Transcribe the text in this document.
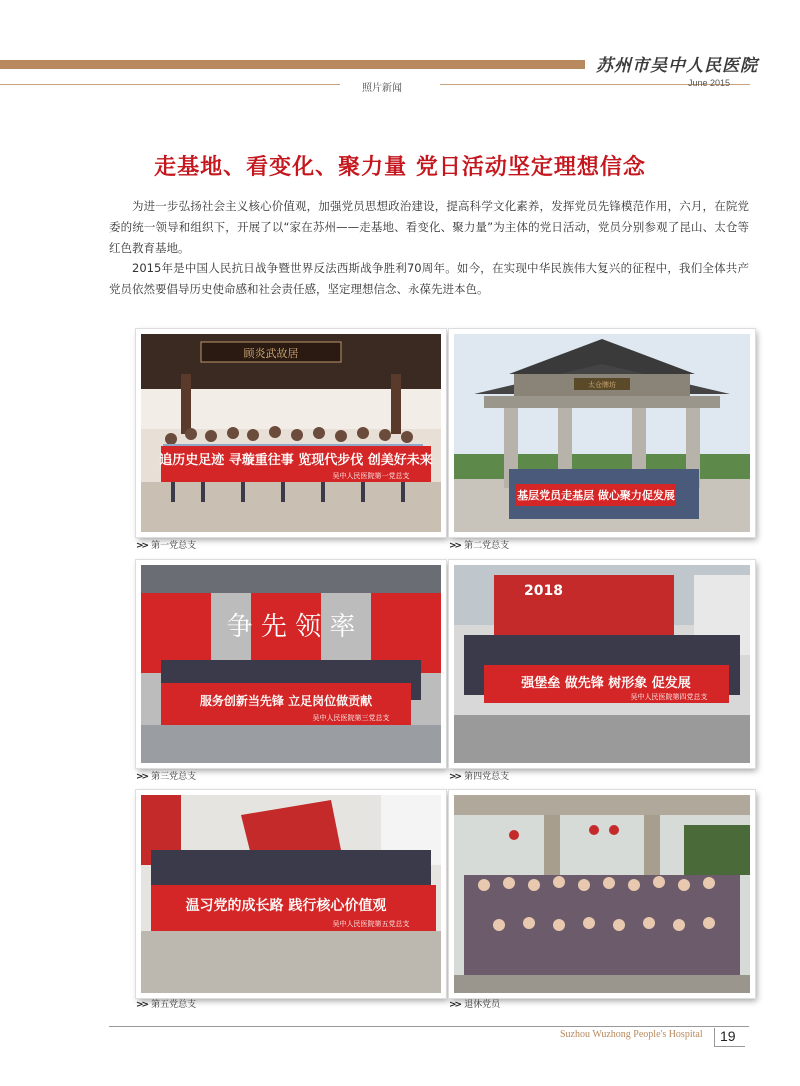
苏州市吴中人民医院
照片新闻	June 2015
走基地、看变化、聚力量 党日活动坚定理想信念
为进一步弘扬社会主义核心价值观，加强党员思想政治建设，提高科学文化素养，发挥党员先锋模范作用，六月，在院党委的统一领导和组织下，开展了以“家在苏州——走基地、看变化、聚力量”为主体的党日活动，党员分别参观了昆山、太仓等红色教育基地。
2015年是中国人民抗日战争暨世界反法西斯战争胜利70周年。如今，在实现中华民族伟大复兴的征程中，我们全体共产党员依然要倡导历史使命感和社会责任感，坚定理想信念、永葆先进本色。
顾炎武故居
追历史足迹 寻璇重往事 览现代步伐 创美好未来
吴中人民医院第一党总支
>> 第一党总支
太仓牌坊
基层党员走基层 做心聚力促发展
>> 第二党总支
争 先 领 率
服务创新当先锋 立足岗位做贡献
吴中人民医院第三党总支
>> 第三党总支
2018
强堡垒 做先锋 树形象 促发展
吴中人民医院第四党总支
>> 第四党总支
温习党的成长路 践行核心价值观
吴中人民医院第五党总支
>> 第五党总支	>> 退休党员
Suzhou Wuzhong People's Hospital 19
